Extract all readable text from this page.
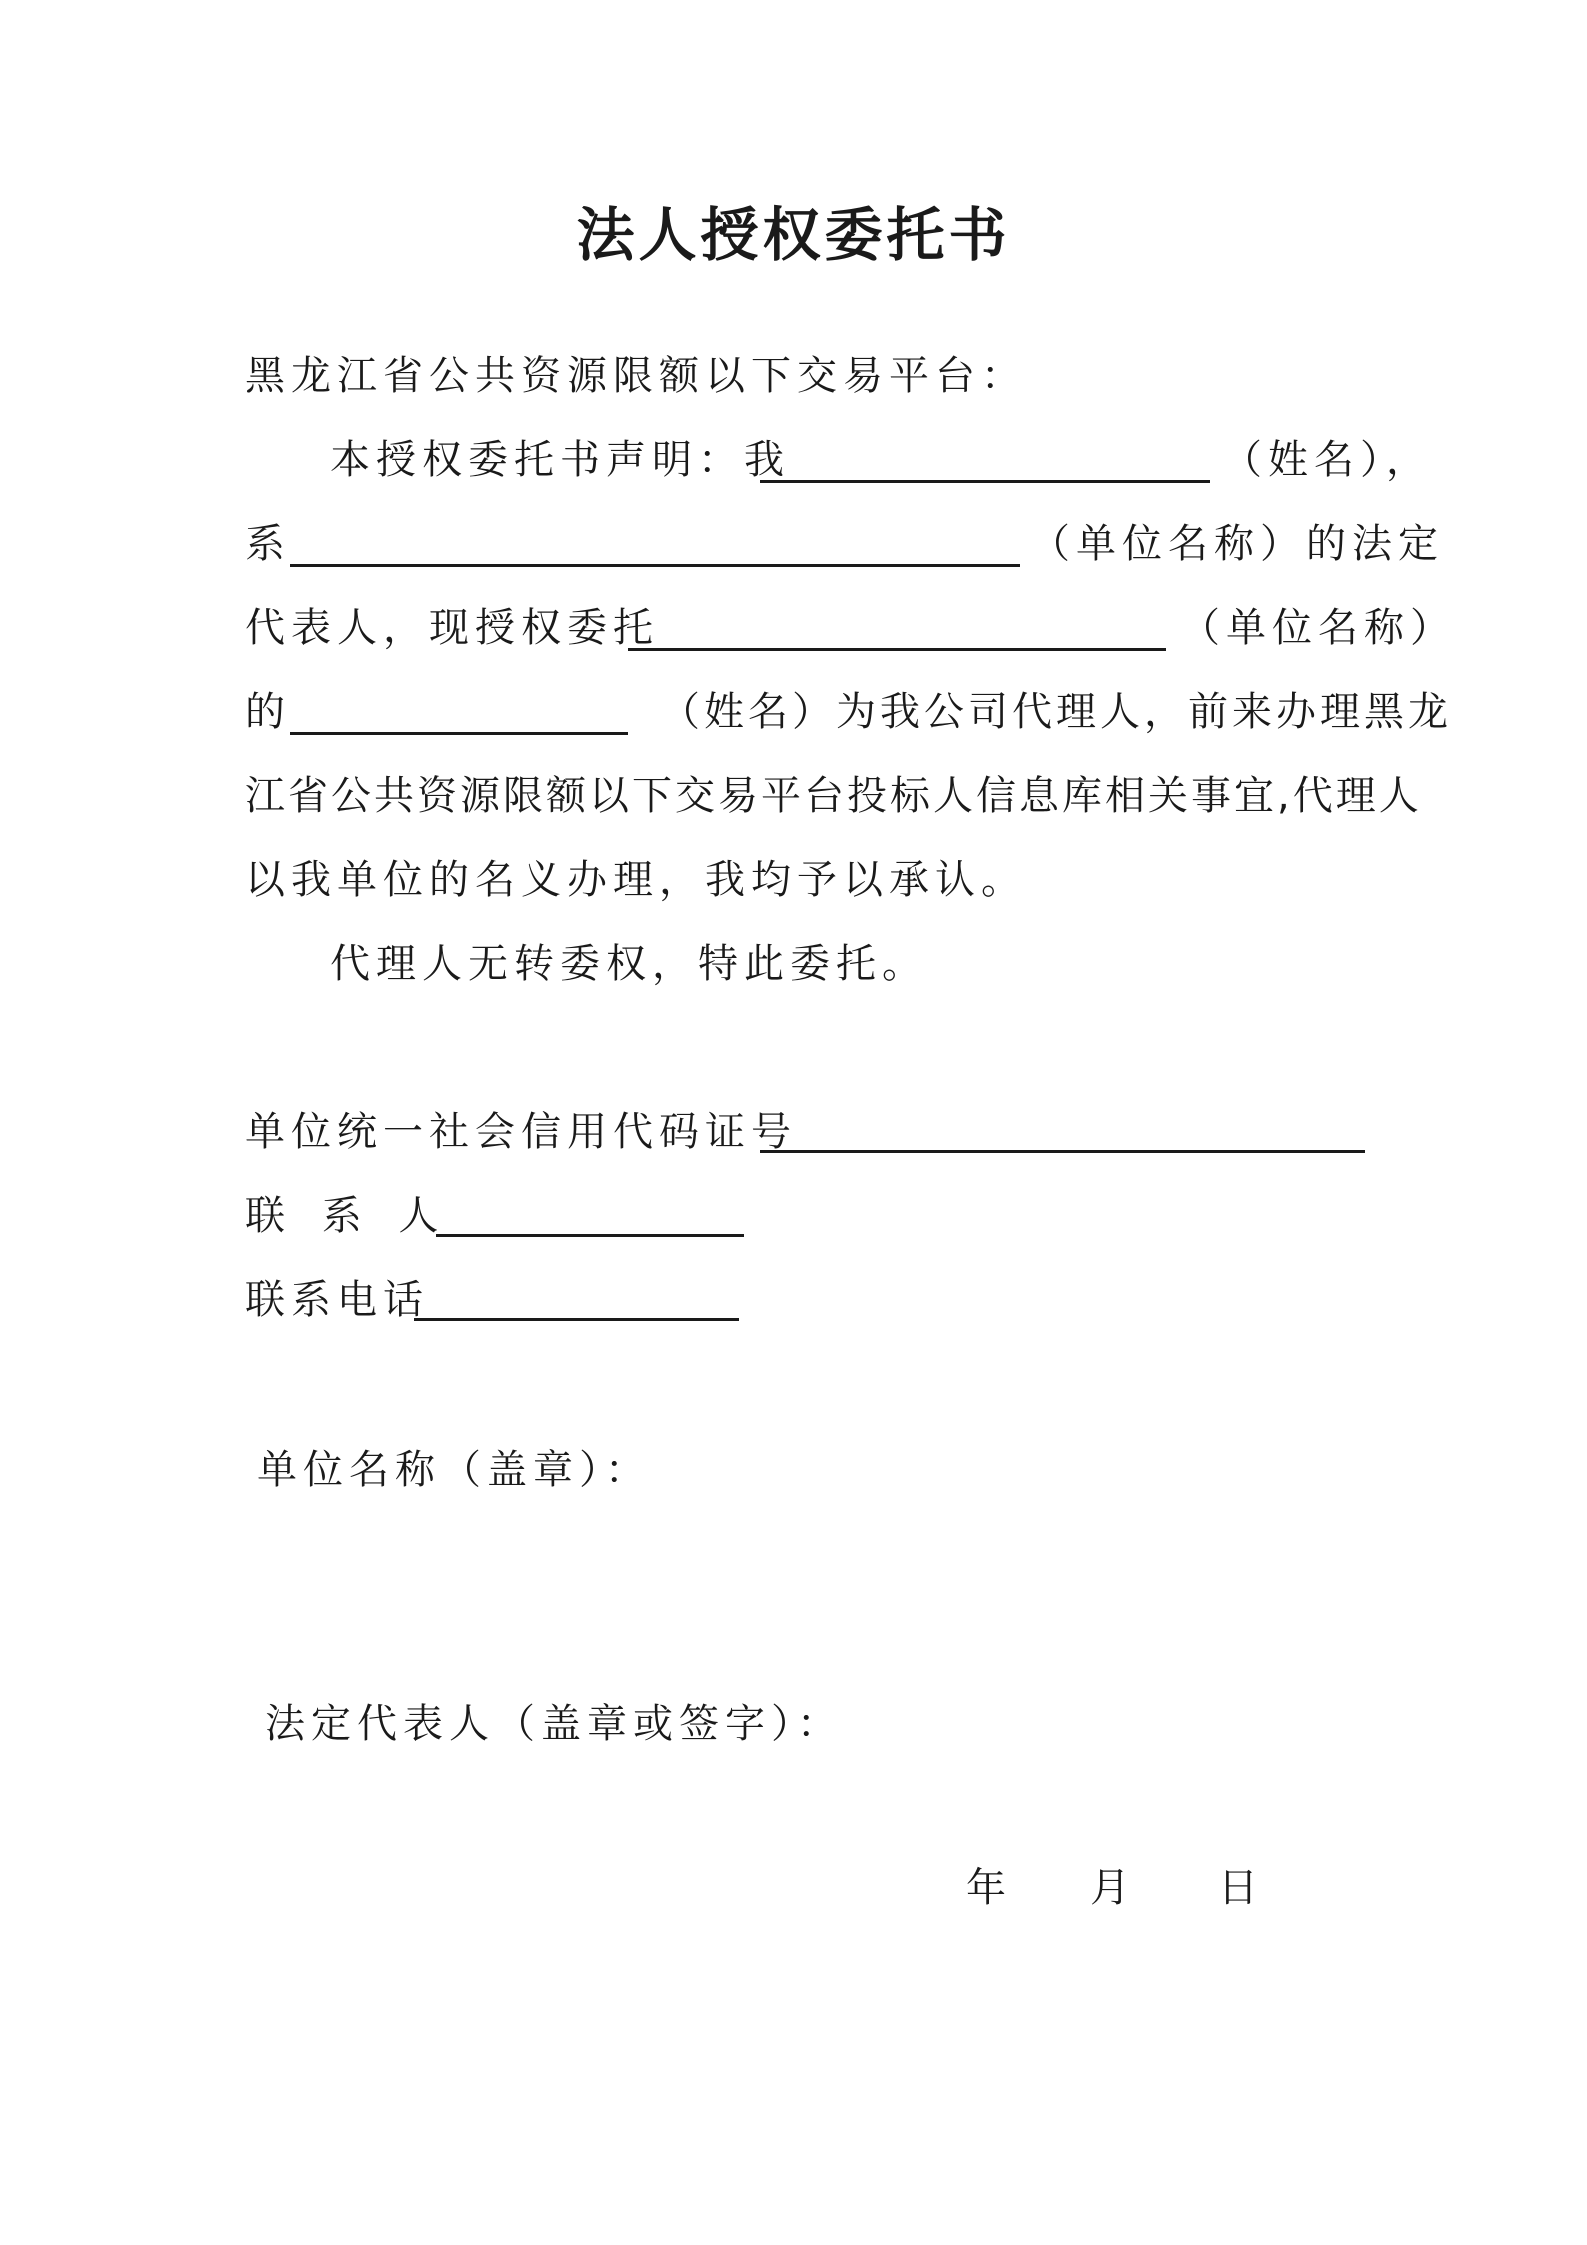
法人授权委托书

黑龙江省公共资源限额以下交易平台：

本授权委托书声明：我	（姓名），

系	（单位名称）的法定

代表人，现授权委托	（单位名称）

的	（姓名）为我公司代理人，前来办理黑龙

江省公共资源限额以下交易平台投标人信息库相关事宜,代理人

以我单位的名义办理，我均予以承认。

代理人无转委权，特此委托。

单位统一社会信用代码证号

联 系 人

联系电话

单位名称（盖章）：

法定代表人（盖章或签字）：

年 月 日
